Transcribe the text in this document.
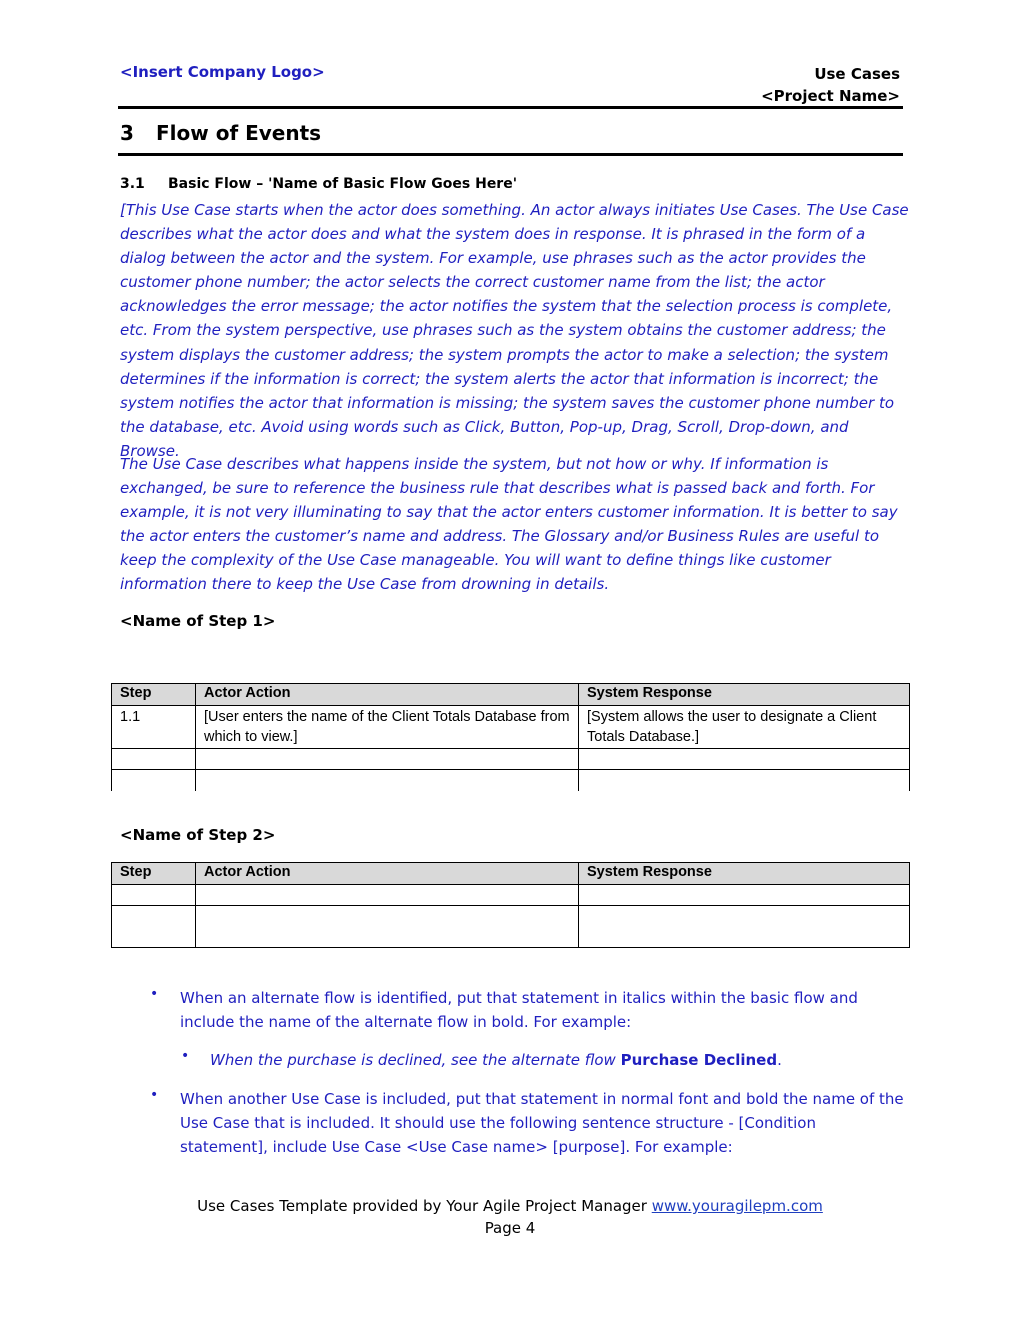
<Insert Company Logo>	Use Cases
<Project Name>
3 Flow of Events
3.1 Basic Flow – 'Name of Basic Flow Goes Here'
[This Use Case starts when the actor does something. An actor always initiates Use Cases. The Use Case describes what the actor does and what the system does in response. It is phrased in the form of a dialog between the actor and the system. For example, use phrases such as the actor provides the customer phone number; the actor selects the correct customer name from the list; the actor acknowledges the error message; the actor notifies the system that the selection process is complete, etc. From the system perspective, use phrases such as the system obtains the customer address; the system displays the customer address; the system prompts the actor to make a selection; the system determines if the information is correct; the system alerts the actor that information is incorrect; the system notifies the actor that information is missing; the system saves the customer phone number to the database, etc. Avoid using words such as Click, Button, Pop-up, Drag, Scroll, Drop-down, and Browse.
The Use Case describes what happens inside the system, but not how or why. If information is exchanged, be sure to reference the business rule that describes what is passed back and forth. For example, it is not very illuminating to say that the actor enters customer information. It is better to say the actor enters the customer’s name and address. The Glossary and/or Business Rules are useful to keep the complexity of the Use Case manageable. You will want to define things like customer information there to keep the Use Case from drowning in details.
<Name of Step 1>
Step	Actor Action	System Response
1.1	[User enters the name of the Client Totals Database from which to view.]	[System allows the user to designate a Client Totals Database.]

<Name of Step 2>
Step	Actor Action	System Response

• When an alternate flow is identified, put that statement in italics within the basic flow and include the name of the alternate flow in bold. For example:
• When the purchase is declined, see the alternate flow Purchase Declined.
• When another Use Case is included, put that statement in normal font and bold the name of the Use Case that is included. It should use the following sentence structure - [Condition statement], include Use Case <Use Case name> [purpose]. For example:
Use Cases Template provided by Your Agile Project Manager www.youragilepm.com
Page 4
